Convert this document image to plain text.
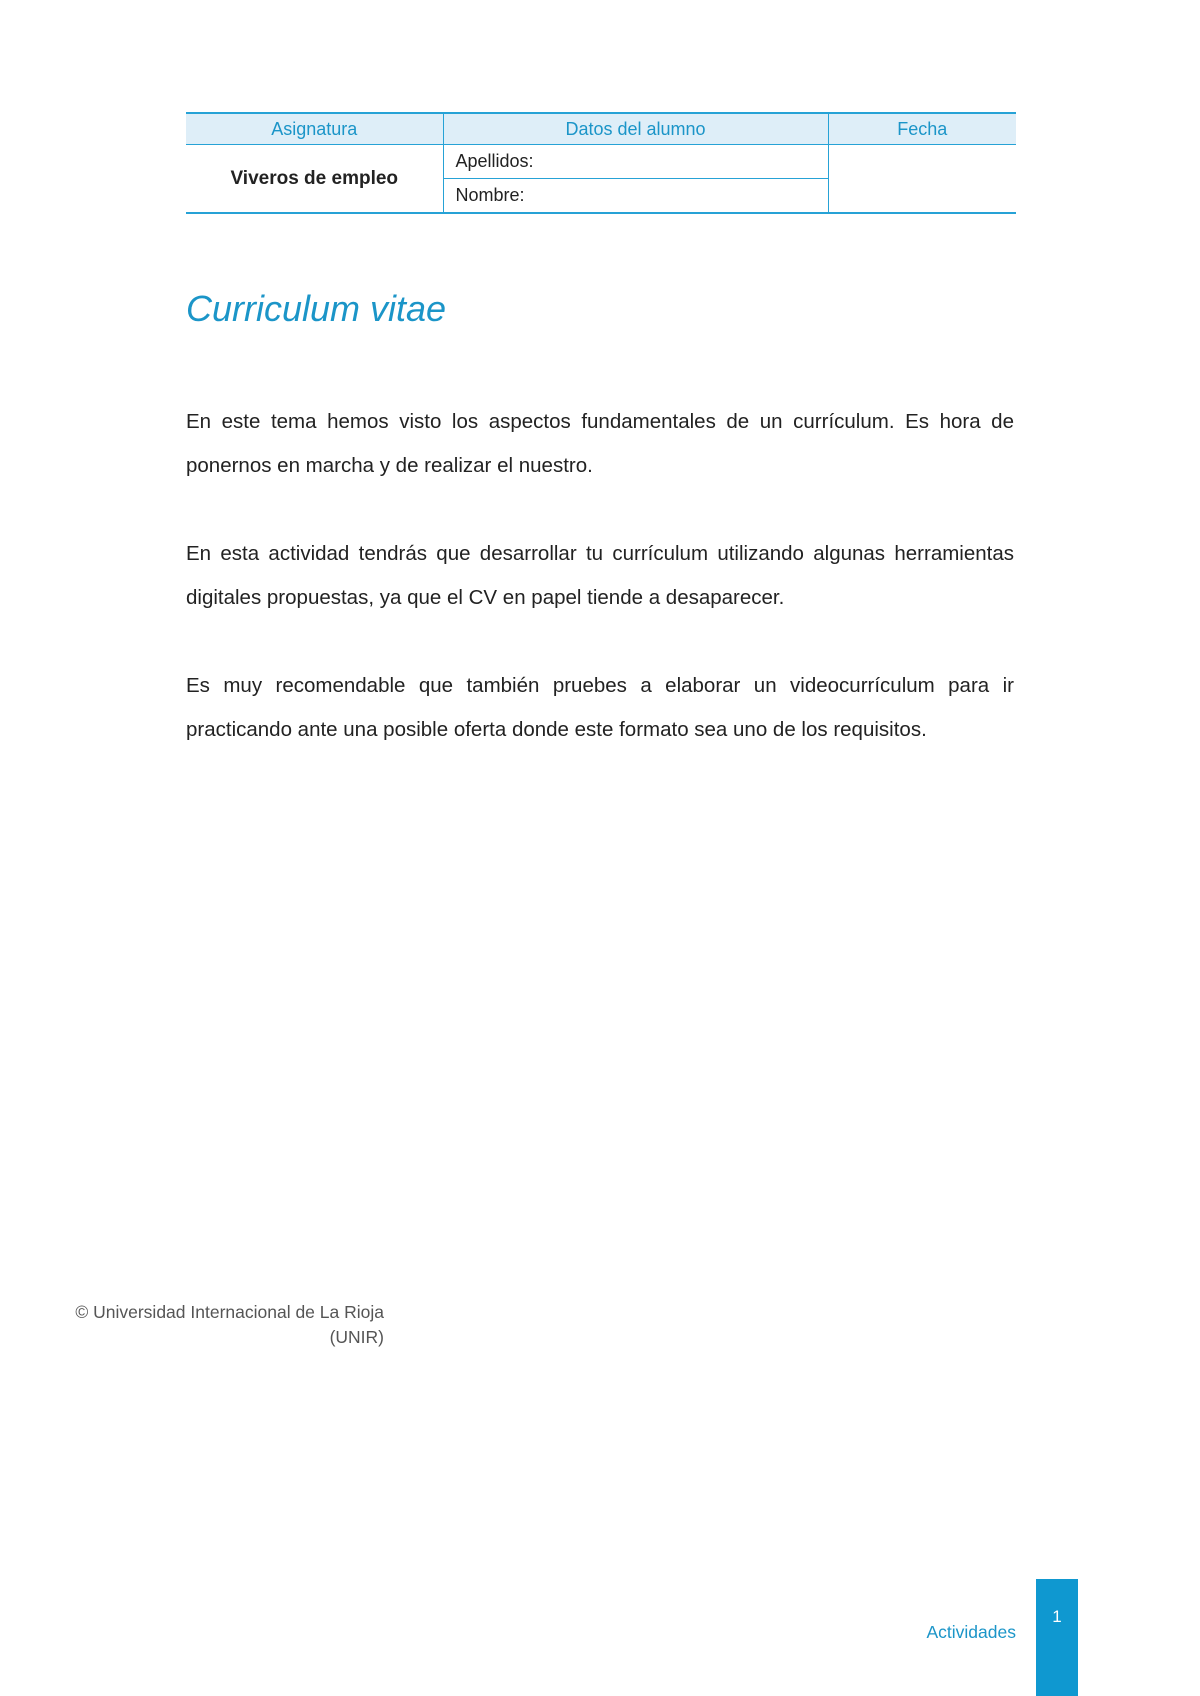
Asignatura	Datos del alumno	Fecha
Viveros de empleo	Apellidos:	
	Nombre:	
Curriculum vitae

En este tema hemos visto los aspectos fundamentales de un currículum. Es hora de ponernos en marcha y de realizar el nuestro.

En esta actividad tendrás que desarrollar tu currículum utilizando algunas herramientas digitales propuestas, ya que el CV en papel tiende a desaparecer.

Es muy recomendable que también pruebes a elaborar un videocurrículum para ir practicando ante una posible oferta donde este formato sea uno de los requisitos.

© Universidad Internacional de La Rioja
(UNIR)
Actividades
1
